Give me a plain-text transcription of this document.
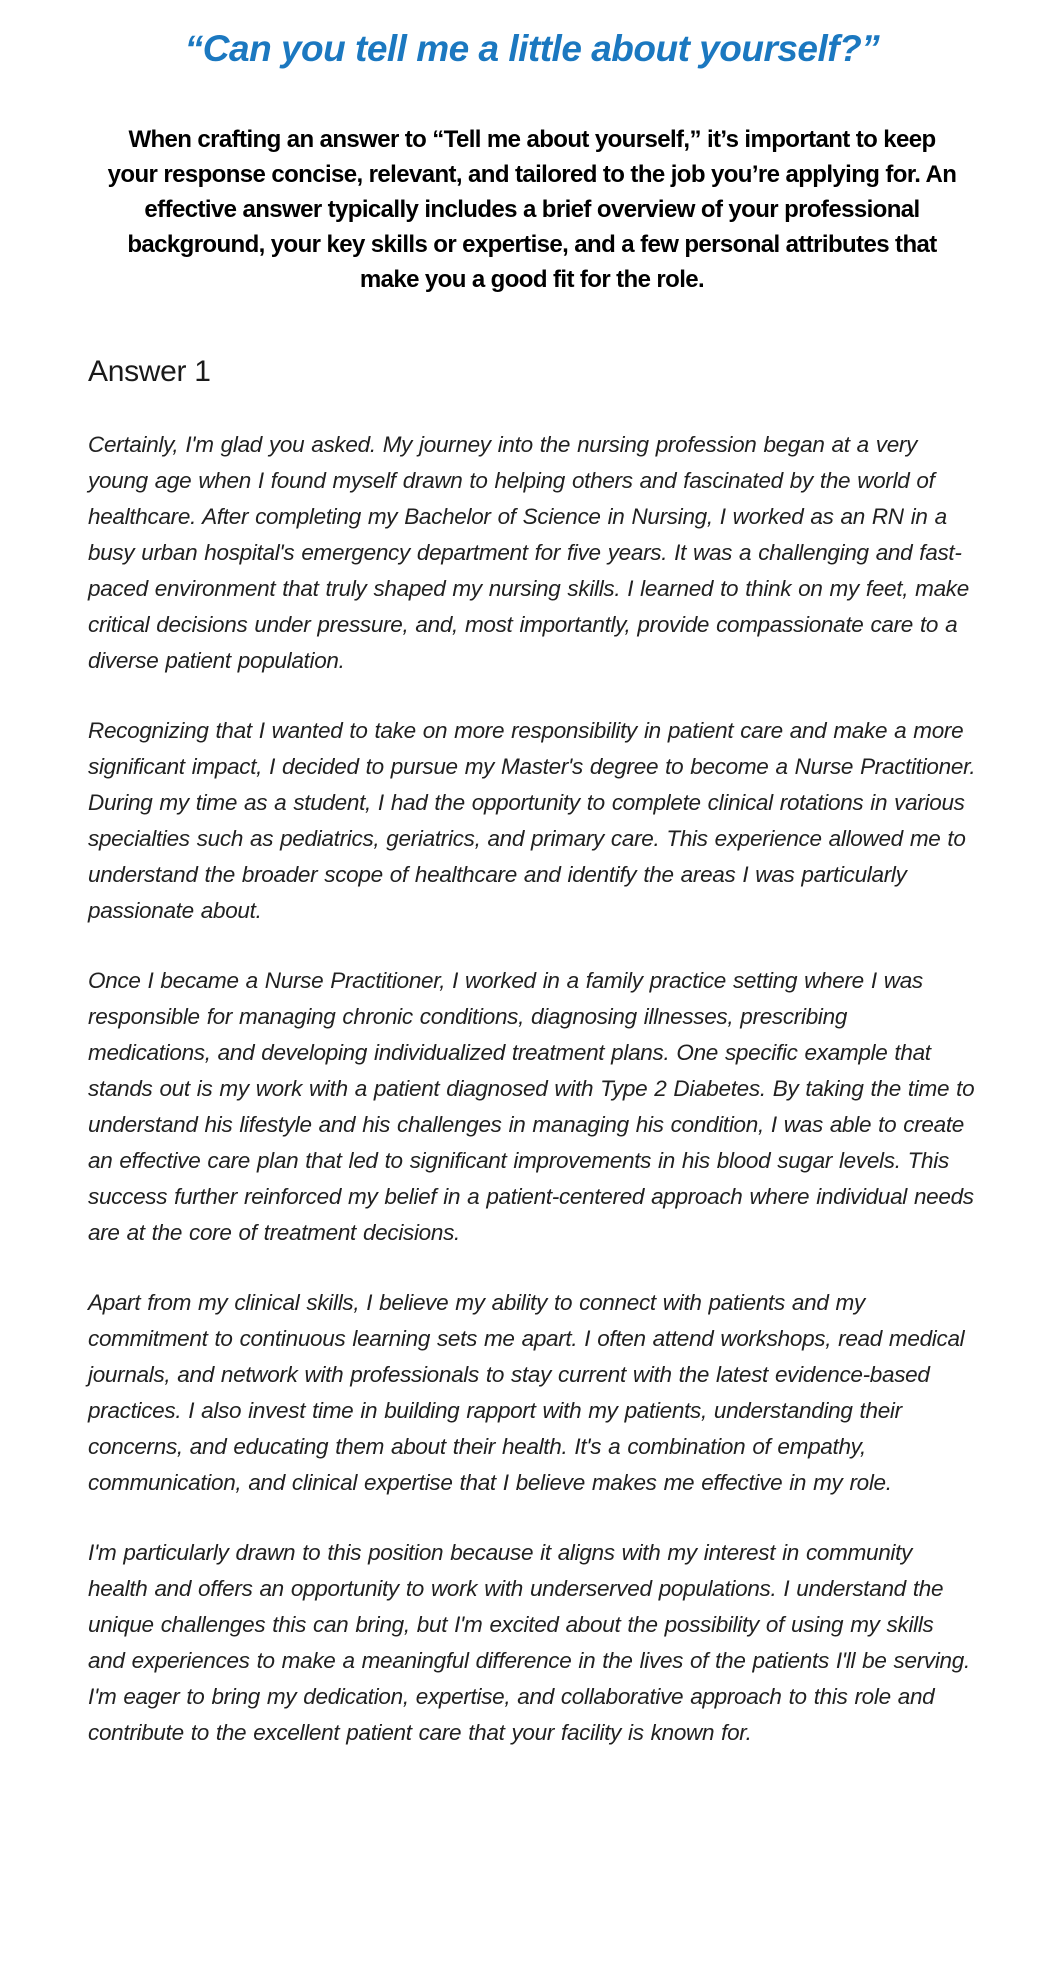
“Can you tell me a little about yourself?”

When crafting an answer to “Tell me about yourself,” it’s important to keep your response concise, relevant, and tailored to the job you’re applying for. An effective answer typically includes a brief overview of your professional background, your key skills or expertise, and a few personal attributes that make you a good fit for the role.

Answer 1

Certainly, I'm glad you asked. My journey into the nursing profession began at a very young age when I found myself drawn to helping others and fascinated by the world of healthcare. After completing my Bachelor of Science in Nursing, I worked as an RN in a busy urban hospital's emergency department for five years. It was a challenging and fast-paced environment that truly shaped my nursing skills. I learned to think on my feet, make critical decisions under pressure, and, most importantly, provide compassionate care to a diverse patient population.

Recognizing that I wanted to take on more responsibility in patient care and make a more significant impact, I decided to pursue my Master's degree to become a Nurse Practitioner. During my time as a student, I had the opportunity to complete clinical rotations in various specialties such as pediatrics, geriatrics, and primary care. This experience allowed me to understand the broader scope of healthcare and identify the areas I was particularly passionate about.

Once I became a Nurse Practitioner, I worked in a family practice setting where I was responsible for managing chronic conditions, diagnosing illnesses, prescribing medications, and developing individualized treatment plans. One specific example that stands out is my work with a patient diagnosed with Type 2 Diabetes. By taking the time to understand his lifestyle and his challenges in managing his condition, I was able to create an effective care plan that led to significant improvements in his blood sugar levels. This success further reinforced my belief in a patient-centered approach where individual needs are at the core of treatment decisions.

Apart from my clinical skills, I believe my ability to connect with patients and my commitment to continuous learning sets me apart. I often attend workshops, read medical journals, and network with professionals to stay current with the latest evidence-based practices. I also invest time in building rapport with my patients, understanding their concerns, and educating them about their health. It's a combination of empathy, communication, and clinical expertise that I believe makes me effective in my role.

I'm particularly drawn to this position because it aligns with my interest in community health and offers an opportunity to work with underserved populations. I understand the unique challenges this can bring, but I'm excited about the possibility of using my skills and experiences to make a meaningful difference in the lives of the patients I'll be serving. I'm eager to bring my dedication, expertise, and collaborative approach to this role and contribute to the excellent patient care that your facility is known for.
